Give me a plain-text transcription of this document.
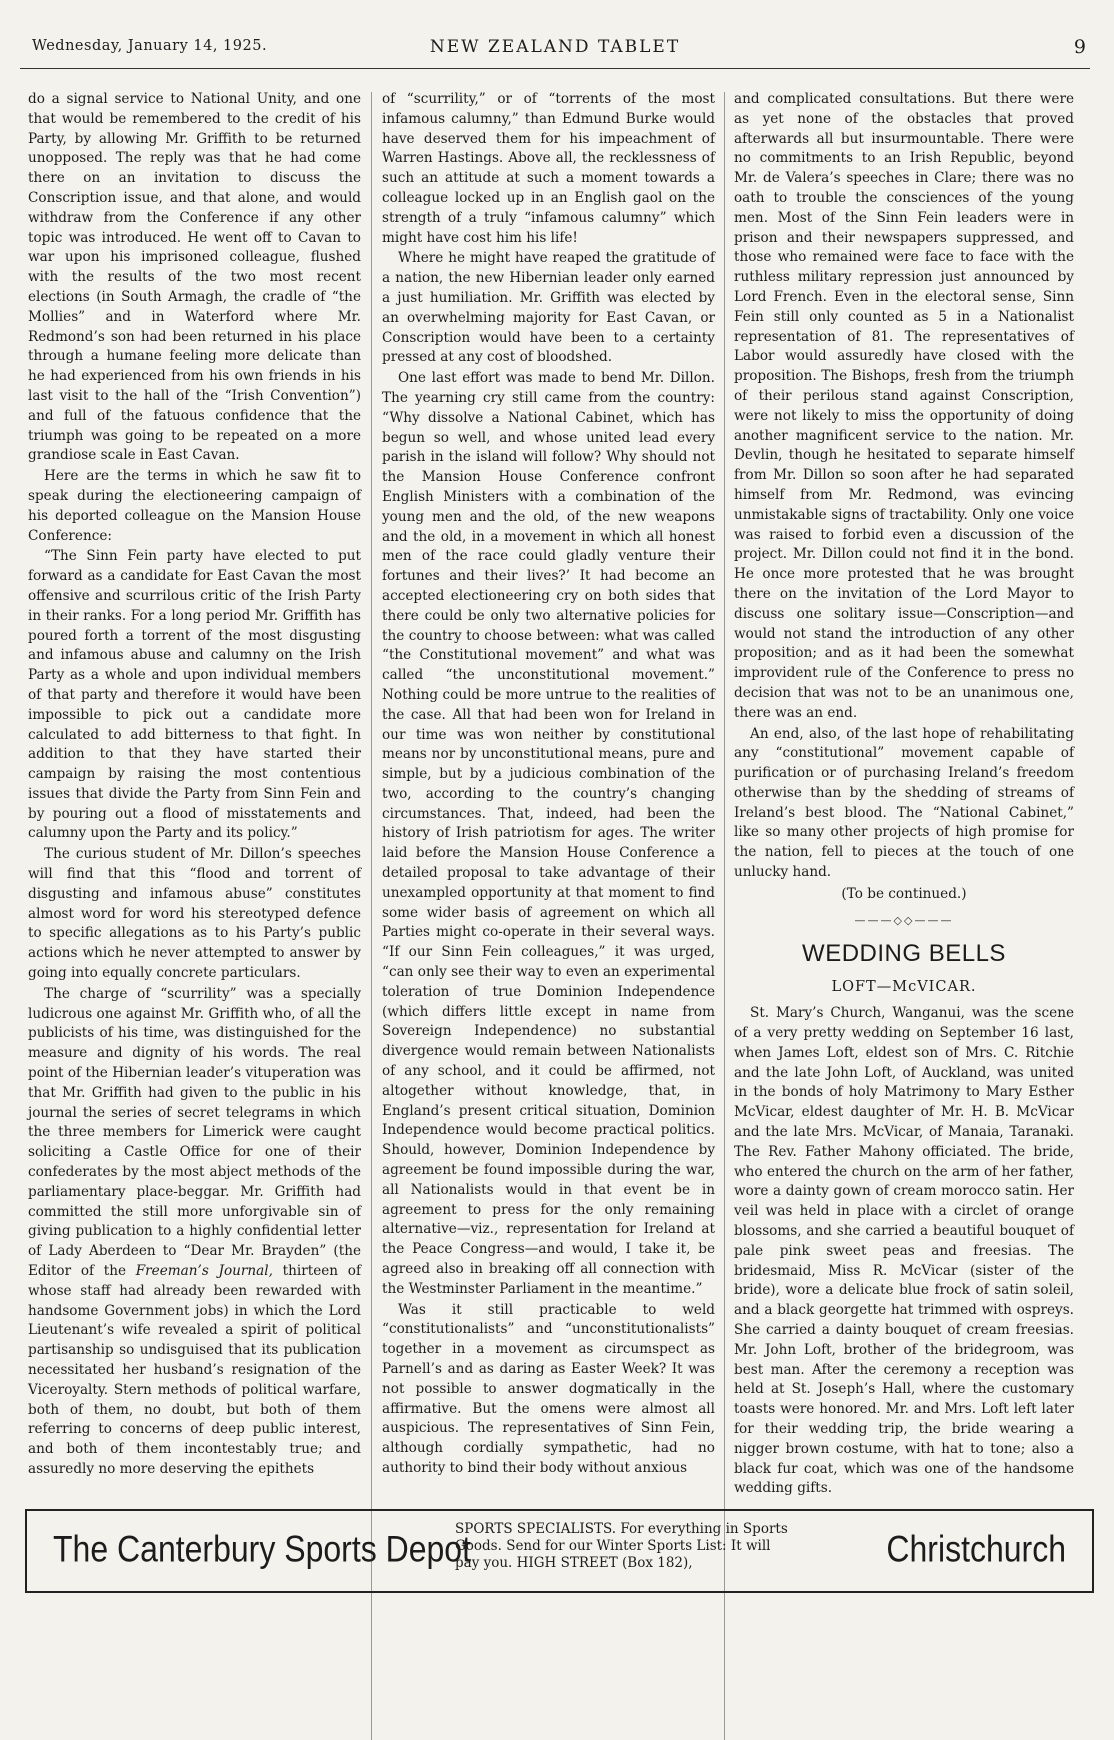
Wednesday, January 14, 1925.	NEW ZEALAND TABLET	9

do a signal service to National Unity, and one that would be remembered to the credit of his Party, by allowing Mr. Griffith to be returned unopposed. The reply was that he had come there on an invitation to discuss the Conscription issue, and that alone, and would withdraw from the Conference if any other topic was introduced. He went off to Cavan to war upon his imprisoned colleague, flushed with the results of the two most recent elections (in South Armagh, the cradle of “the Mollies” and in Waterford where Mr. Redmond’s son had been returned in his place through a humane feeling more delicate than he had experienced from his own friends in his last visit to the hall of the “Irish Convention”) and full of the fatuous confidence that the triumph was going to be repeated on a more grandiose scale in East Cavan.

Here are the terms in which he saw fit to speak during the electioneering campaign of his deported colleague on the Mansion House Conference:

“The Sinn Fein party have elected to put forward as a candidate for East Cavan the most offensive and scurrilous critic of the Irish Party in their ranks. For a long period Mr. Griffith has poured forth a torrent of the most disgusting and infamous abuse and calumny on the Irish Party as a whole and upon individual members of that party and therefore it would have been impossible to pick out a candidate more calculated to add bitterness to that fight. In addition to that they have started their campaign by raising the most contentious issues that divide the Party from Sinn Fein and by pouring out a flood of misstatements and calumny upon the Party and its policy.”

The curious student of Mr. Dillon’s speeches will find that this “flood and torrent of disgusting and infamous abuse” constitutes almost word for word his stereotyped defence to specific allegations as to his Party’s public actions which he never attempted to answer by going into equally concrete particulars.

The charge of “scurrility” was a specially ludicrous one against Mr. Griffith who, of all the publicists of his time, was distinguished for the measure and dignity of his words. The real point of the Hibernian leader’s vituperation was that Mr. Griffith had given to the public in his journal the series of secret telegrams in which the three members for Limerick were caught soliciting a Castle Office for one of their confederates by the most abject methods of the parliamentary place-beggar. Mr. Griffith had committed the still more unforgivable sin of giving publication to a highly confidential letter of Lady Aberdeen to “Dear Mr. Brayden” (the Editor of the Freeman’s Journal, thirteen of whose staff had already been rewarded with handsome Government jobs) in which the Lord Lieutenant’s wife revealed a spirit of political partisanship so undisguised that its publication necessitated her husband’s resignation of the Viceroyalty. Stern methods of political warfare, both of them, no doubt, but both of them referring to concerns of deep public interest, and both of them incontestably true; and assuredly no more deserving the epithets

of “scurrility,” or of “torrents of the most infamous calumny,” than Edmund Burke would have deserved them for his impeachment of Warren Hastings. Above all, the recklessness of such an attitude at such a moment towards a colleague locked up in an English gaol on the strength of a truly “infamous calumny” which might have cost him his life!

Where he might have reaped the gratitude of a nation, the new Hibernian leader only earned a just humiliation. Mr. Griffith was elected by an overwhelming majority for East Cavan, or Conscription would have been to a certainty pressed at any cost of bloodshed.

One last effort was made to bend Mr. Dillon. The yearning cry still came from the country: “Why dissolve a National Cabinet, which has begun so well, and whose united lead every parish in the island will follow? Why should not the Mansion House Conference confront English Ministers with a combination of the young men and the old, of the new weapons and the old, in a movement in which all honest men of the race could gladly venture their fortunes and their lives?’ It had become an accepted electioneering cry on both sides that there could be only two alternative policies for the country to choose between: what was called “the Constitutional movement” and what was called “the unconstitutional movement.” Nothing could be more untrue to the realities of the case. All that had been won for Ireland in our time was won neither by constitutional means nor by unconstitutional means, pure and simple, but by a judicious combination of the two, according to the country’s changing circumstances. That, indeed, had been the history of Irish patriotism for ages. The writer laid before the Mansion House Conference a detailed proposal to take advantage of their unexampled opportunity at that moment to find some wider basis of agreement on which all Parties might co-operate in their several ways. “If our Sinn Fein colleagues,” it was urged, “can only see their way to even an experimental toleration of true Dominion Independence (which differs little except in name from Sovereign Independence) no substantial divergence would remain between Nationalists of any school, and it could be affirmed, not altogether without knowledge, that, in England’s present critical situation, Dominion Independence would become practical politics. Should, however, Dominion Independence by agreement be found impossible during the war, all Nationalists would in that event be in agreement to press for the only remaining alternative—viz., representation for Ireland at the Peace Congress—and would, I take it, be agreed also in breaking off all connection with the Westminster Parliament in the meantime.”

Was it still practicable to weld “constitutionalists” and “unconstitutionalists” together in a movement as circumspect as Parnell’s and as daring as Easter Week? It was not possible to answer dogmatically in the affirmative. But the omens were almost all auspicious. The representatives of Sinn Fein, although cordially sympathetic, had no authority to bind their body without anxious

and complicated consultations. But there were as yet none of the obstacles that proved afterwards all but insurmountable. There were no commitments to an Irish Republic, beyond Mr. de Valera’s speeches in Clare; there was no oath to trouble the consciences of the young men. Most of the Sinn Fein leaders were in prison and their newspapers suppressed, and those who remained were face to face with the ruthless military repression just announced by Lord French. Even in the electoral sense, Sinn Fein still only counted as 5 in a Nationalist representation of 81. The representatives of Labor would assuredly have closed with the proposition. The Bishops, fresh from the triumph of their perilous stand against Conscription, were not likely to miss the opportunity of doing another magnificent service to the nation. Mr. Devlin, though he hesitated to separate himself from Mr. Dillon so soon after he had separated himself from Mr. Redmond, was evincing unmistakable signs of tractability. Only one voice was raised to forbid even a discussion of the project. Mr. Dillon could not find it in the bond. He once more protested that he was brought there on the invitation of the Lord Mayor to discuss one solitary issue—Conscription—and would not stand the introduction of any other proposition; and as it had been the somewhat improvident rule of the Conference to press no decision that was not to be an unanimous one, there was an end.

An end, also, of the last hope of rehabilitating any “constitutional” movement capable of purification or of purchasing Ireland’s freedom otherwise than by the shedding of streams of Ireland’s best blood. The “National Cabinet,” like so many other projects of high promise for the nation, fell to pieces at the touch of one unlucky hand.

(To be continued.)

———◇◇———
WEDDING BELLS
LOFT—McVICAR.

St. Mary’s Church, Wanganui, was the scene of a very pretty wedding on September 16 last, when James Loft, eldest son of Mrs. C. Ritchie and the late John Loft, of Auckland, was united in the bonds of holy Matrimony to Mary Esther McVicar, eldest daughter of Mr. H. B. McVicar and the late Mrs. McVicar, of Manaia, Taranaki. The Rev. Father Mahony officiated. The bride, who entered the church on the arm of her father, wore a dainty gown of cream morocco satin. Her veil was held in place with a circlet of orange blossoms, and she carried a beautiful bouquet of pale pink sweet peas and freesias. The bridesmaid, Miss R. McVicar (sister of the bride), wore a delicate blue frock of satin soleil, and a black georgette hat trimmed with ospreys. She carried a dainty bouquet of cream freesias. Mr. John Loft, brother of the bridegroom, was best man. After the ceremony a reception was held at St. Joseph’s Hall, where the customary toasts were honored. Mr. and Mrs. Loft left later for their wedding trip, the bride wearing a nigger brown costume, with hat to tone; also a black fur coat, which was one of the handsome wedding gifts.

The Canterbury Sports Depot
SPORTS SPECIALISTS. For everything in Sports
Goods. Send for our Winter Sports List: It will
pay you. HIGH STREET (Box 182),	Christchurch
